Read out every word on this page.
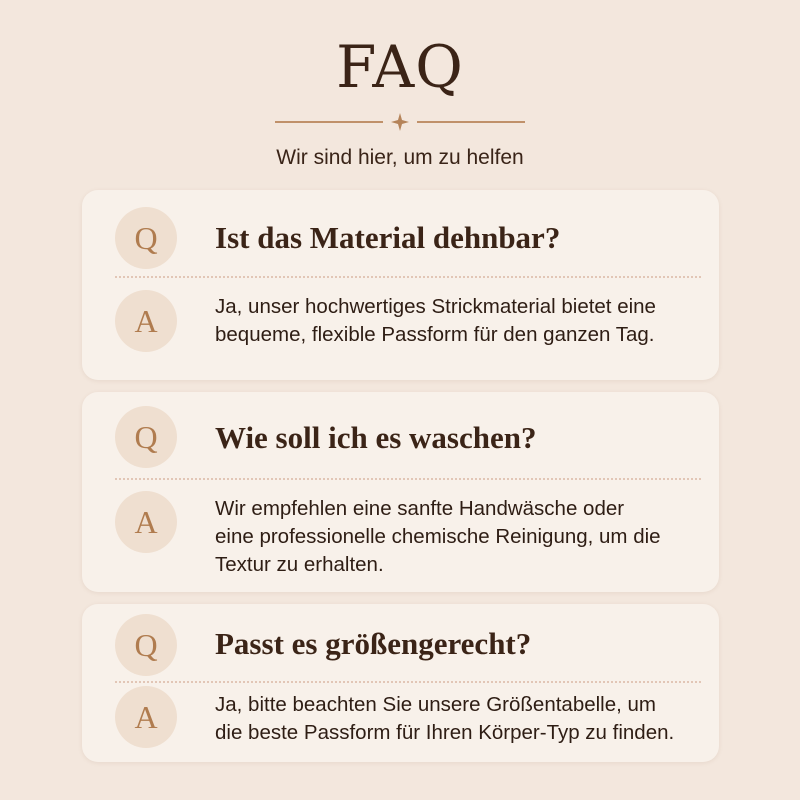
FAQ
Wir sind hier, um zu helfen
Q	Ist das Material dehnbar?
A	Ja, unser hochwertiges Strickmaterial bietet eine
bequeme, flexible Passform für den ganzen Tag.
Q	Wie soll ich es waschen?
A	Wir empfehlen eine sanfte Handwäsche oder
eine professionelle chemische Reinigung, um die
Textur zu erhalten.
Q	Passt es größengerecht?
A	Ja, bitte beachten Sie unsere Größentabelle, um
die beste Passform für Ihren Körper-Typ zu finden.
